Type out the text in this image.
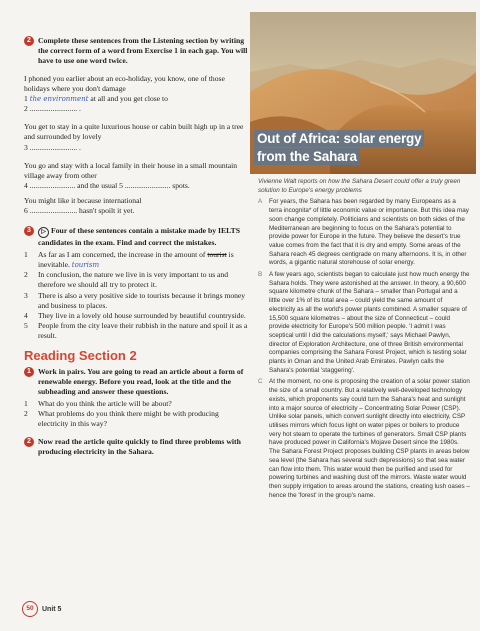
2 Complete these sentences from the Listening section by writing the correct form of a word from Exercise 1 in each gap. You will have to use one word twice.

I phoned you earlier about an eco-holiday, you know, one of those holidays where you don't damage
1 the environment at all and you get close to
2 ......................... .

You get to stay in a quite luxurious house or cabin built high up in a tree and surrounded by lovely
3 ......................... .

You go and stay with a local family in their house in a small mountain village away from other
4 ........................ and the usual 5 ........................ spots.

You might like it because international
6 ......................... hasn't spoilt it yet.

3	▷ Four of these sentences contain a mistake made by IELTS candidates in the exam. Find and correct the mistakes.
1	As far as I am concerned, the increase in the amount of tourist is inevitable. tourism
2	In conclusion, the nature we live in is very important to us and therefore we should all try to protect it.
3	There is also a very positive side to tourists because it brings money and business to places.
4	They live in a lovely old house surrounded by beautiful countryside.
5	People from the city leave their rubbish in the nature and spoil it as a result.
Reading Section 2
1 Work in pairs. You are going to read an article about a form of renewable energy. Before you read, look at the title and the subheading and answer these questions.
1	What do you think the article will be about?
2	What problems do you think there might be with producing electricity in this way?
2 Now read the article quite quickly to find three problems with producing electricity in the Sahara.
50	Unit 5
Out of Africa: solar energy
from the Sahara
Vivienne Walt reports on how the Sahara Desert could offer a truly green solution to Europe's energy problems
A For years, the Sahara has been regarded by many Europeans as a terra incognita* of little economic value or importance. But this idea may soon change completely. Politicians and scientists on both sides of the Mediterranean are beginning to focus on the Sahara's potential to provide power for Europe in the future. They believe the desert's true value comes from the fact that it is dry and empty. Some areas of the Sahara reach 45 degrees centigrade on many afternoons. It is, in other words, a gigantic natural storehouse of solar energy.

B A few years ago, scientists began to calculate just how much energy the Sahara holds. They were astonished at the answer. In theory, a 90,600 square kilometre chunk of the Sahara – smaller than Portugal and a little over 1% of its total area – could yield the same amount of electricity as all the world's power plants combined. A smaller square of 15,500 square kilometres – about the size of Connecticut – could provide electricity for Europe's 500 million people. 'I admit I was sceptical until I did the calculations myself,' says Michael Pawlyn, director of Exploration Architecture, one of three British environmental companies comprising the Sahara Forest Project, which is testing solar plants in Oman and the United Arab Emirates. Pawlyn calls the Sahara's potential 'staggering'.

C At the moment, no one is proposing the creation of a solar power station the size of a small country. But a relatively well-developed technology exists, which proponents say could turn the Sahara's heat and sunlight into a major source of electricity – Concentrating Solar Power (CSP). Unlike solar panels, which convert sunlight directly into electricity, CSP utilises mirrors which focus light on water pipes or boilers to produce very hot steam to operate the turbines of generators. Small CSP plants have produced power in California's Mojave Desert since the 1980s. The Sahara Forest Project proposes building CSP plants in areas below sea level (the Sahara has several such depressions) so that sea water can flow into them. This water would then be purified and used for powering turbines and washing dust off the mirrors. Waste water would then supply irrigation to areas around the stations, creating lush oases – hence the 'forest' in the group's name.
